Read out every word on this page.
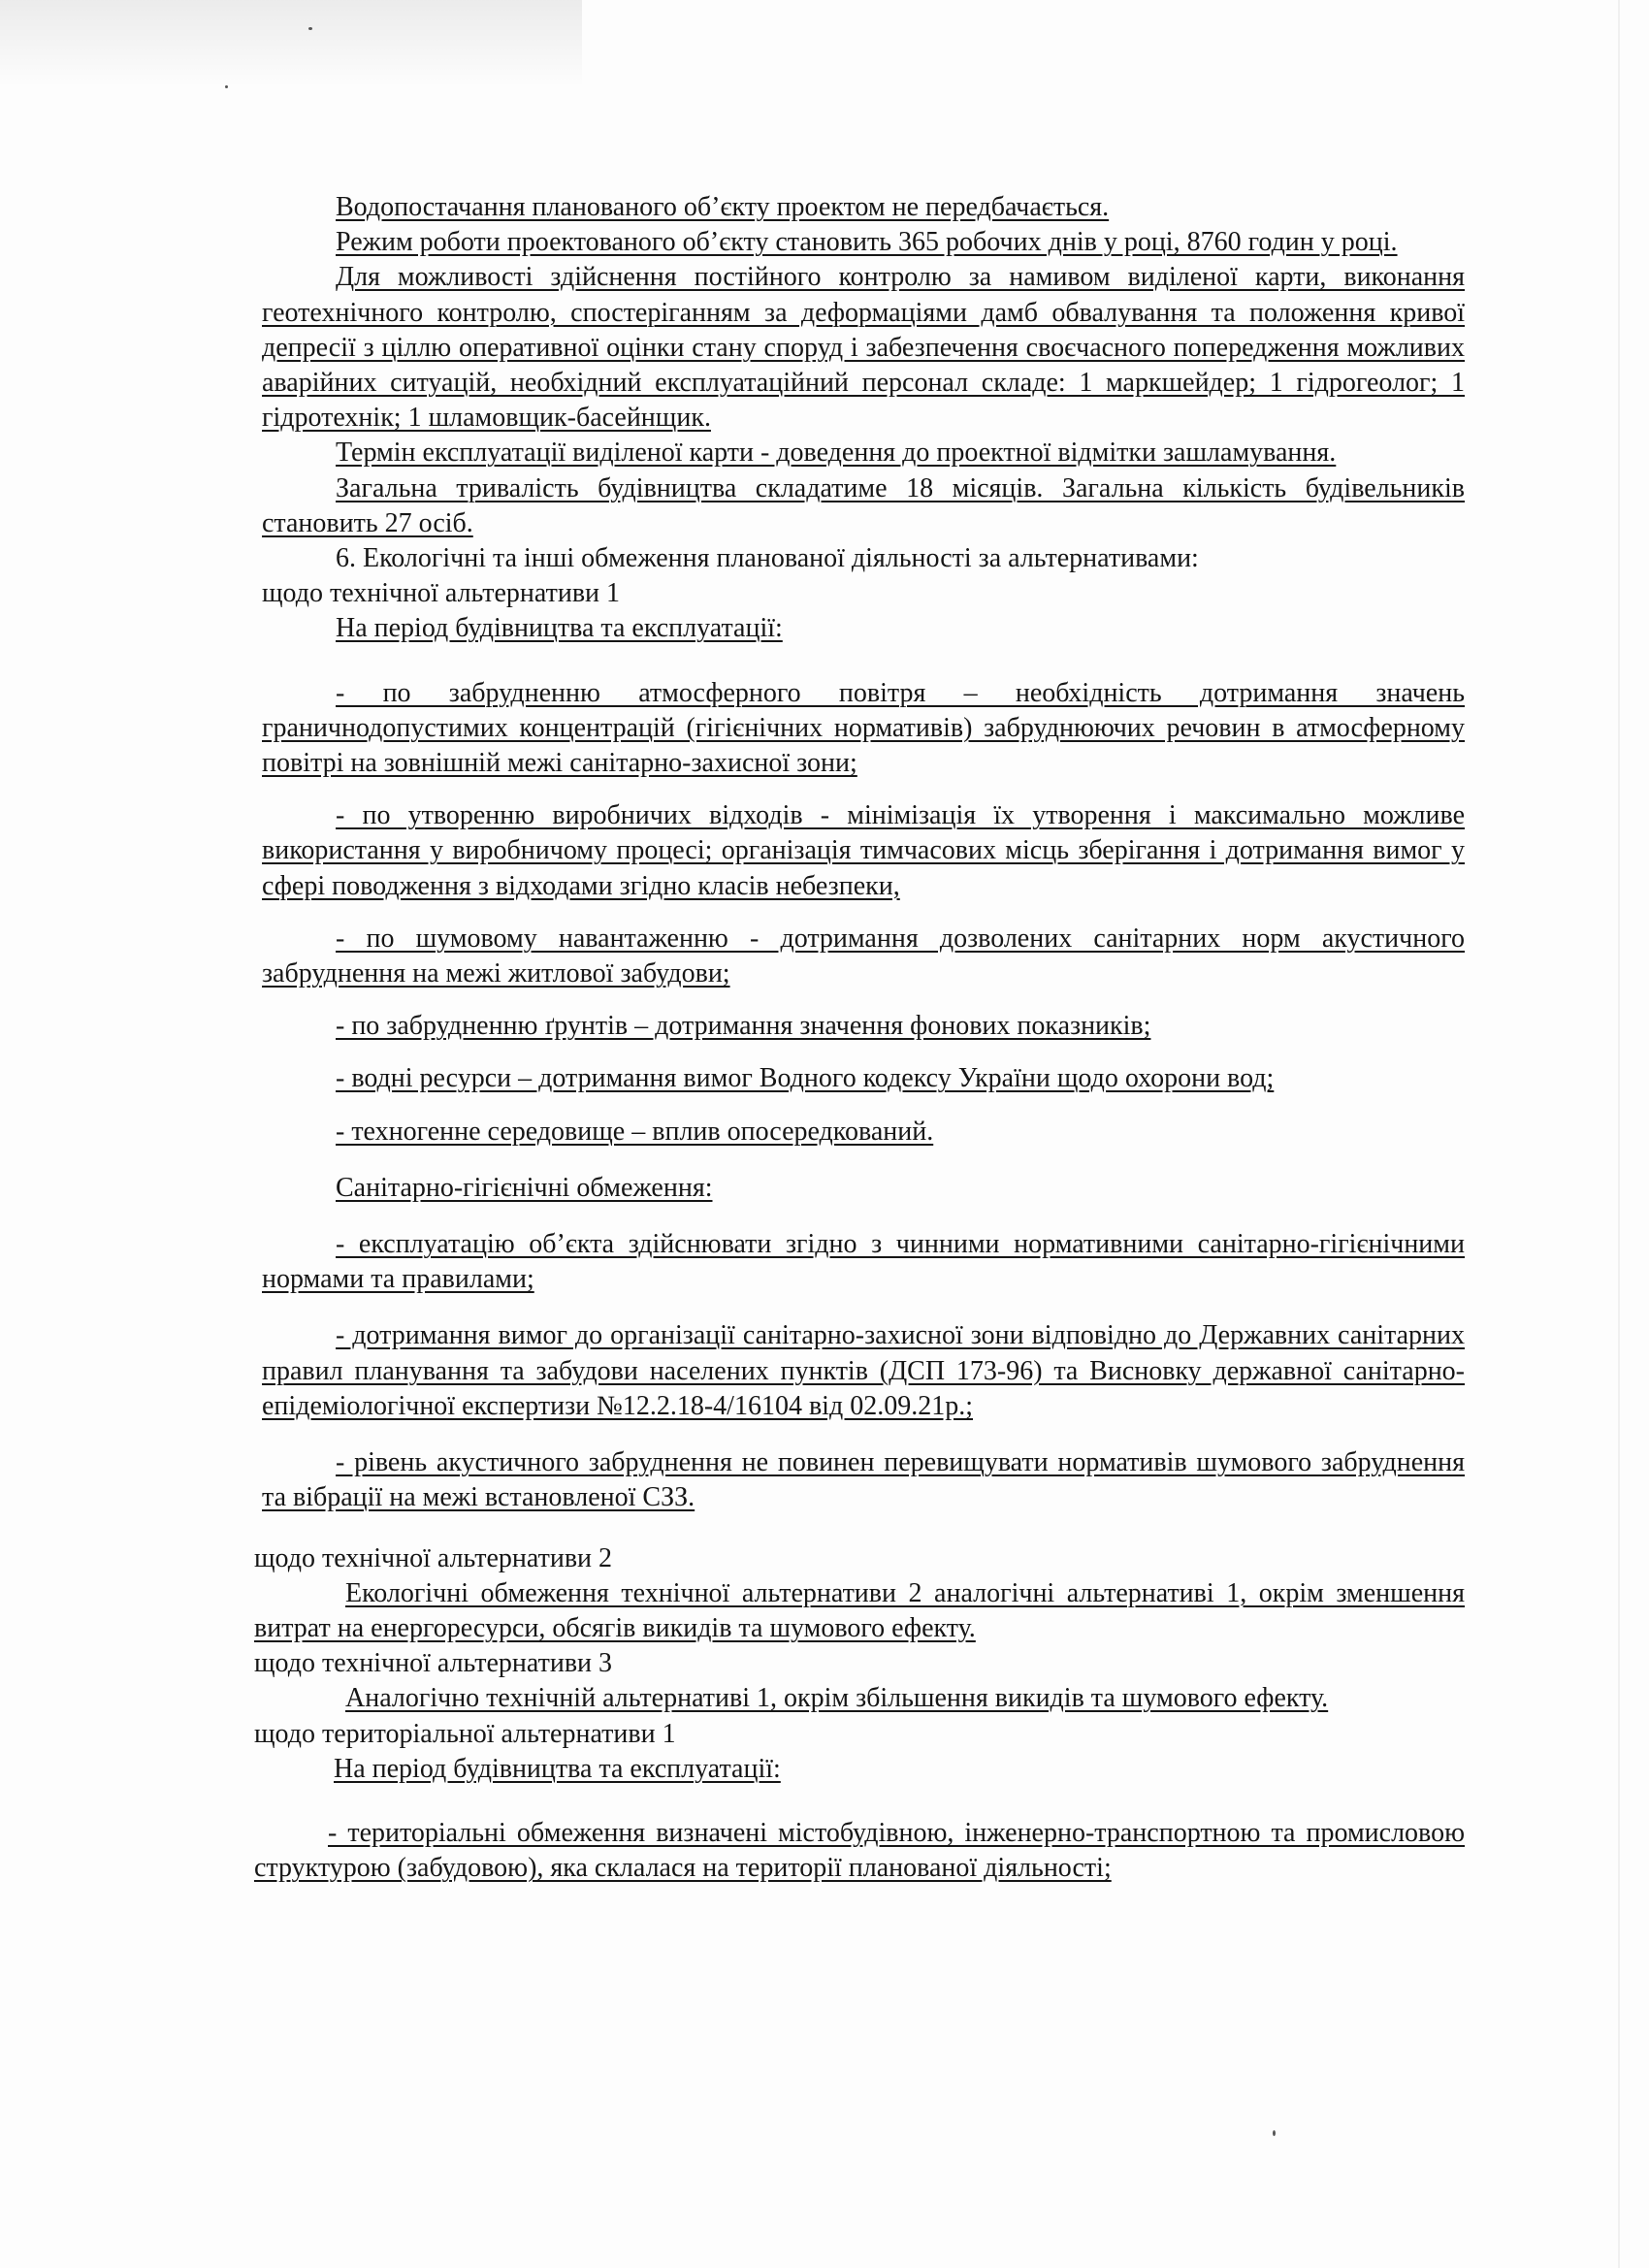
Водопостачання планованого об’єкту проектом не передбачається.

Режим роботи проектованого об’єкту становить 365 робочих днів у році, 8760 годин у році.

Для можливості здійснення постійного контролю за намивом виділеної карти, виконання геотехнічного контролю, спостеріганням за деформаціями дамб обвалування та положення кривої депресії з ціллю оперативної оцінки стану споруд і забезпечення своєчасного попередження можливих аварійних ситуацій, необхідний експлуатаційний персонал складе: 1 маркшейдер; 1 гідрогеолог; 1 гідротехнік; 1 шламовщик-басейнщик.

Термін експлуатації виділеної карти - доведення до проектної відмітки зашламування.

Загальна тривалість будівництва складатиме 18 місяців. Загальна кількість будівельників становить 27 осіб.

6. Екологічні та інші обмеження планованої діяльності за альтернативами:

щодо технічної альтернативи 1

На період будівництва та експлуатації:

- по забрудненню атмосферного повітря – необхідність дотримання значень граничнодопустимих концентрацій (гігієнічних нормативів) забруднюючих речовин в атмосферному повітрі на зовнішній межі санітарно-захисної зони;

- по утворенню виробничих відходів - мінімізація їх утворення і максимально можливе використання у виробничому процесі; організація тимчасових місць зберігання і дотримання вимог у сфері поводження з відходами згідно класів небезпеки,

- по шумовому навантаженню - дотримання дозволених санітарних норм акустичного забруднення на межі житлової забудови;

- по забрудненню ґрунтів – дотримання значення фонових показників;

- водні ресурси – дотримання вимог Водного кодексу України щодо охорони вод;

- техногенне середовище – вплив опосередкований.

Санітарно-гігієнічні обмеження:

- експлуатацію об’єкта здійснювати згідно з чинними нормативними санітарно-гігієнічними нормами та правилами;

- дотримання вимог до організації санітарно-захисної зони відповідно до Державних санітарних правил планування та забудови населених пунктів (ДСП 173-96) та Висновку державної санітарно-епідеміологічної експертизи №12.2.18-4/16104 від 02.09.21р.;

- рівень акустичного забруднення не повинен перевищувати нормативів шумового забруднення та вібрації на межі встановленої СЗЗ.

щодо технічної альтернативи 2

Екологічні обмеження технічної альтернативи 2 аналогічні альтернативі 1, окрім зменшення витрат на енергоресурси, обсягів викидів та шумового ефекту.

щодо технічної альтернативи 3

Аналогічно технічній альтернативі 1, окрім збільшення викидів та шумового ефекту.

щодо територіальної альтернативи 1

На період будівництва та експлуатації:

- територіальні обмеження визначені містобудівною, інженерно-транспортною та промисловою структурою (забудовою), яка склалася на території планованої діяльності;
